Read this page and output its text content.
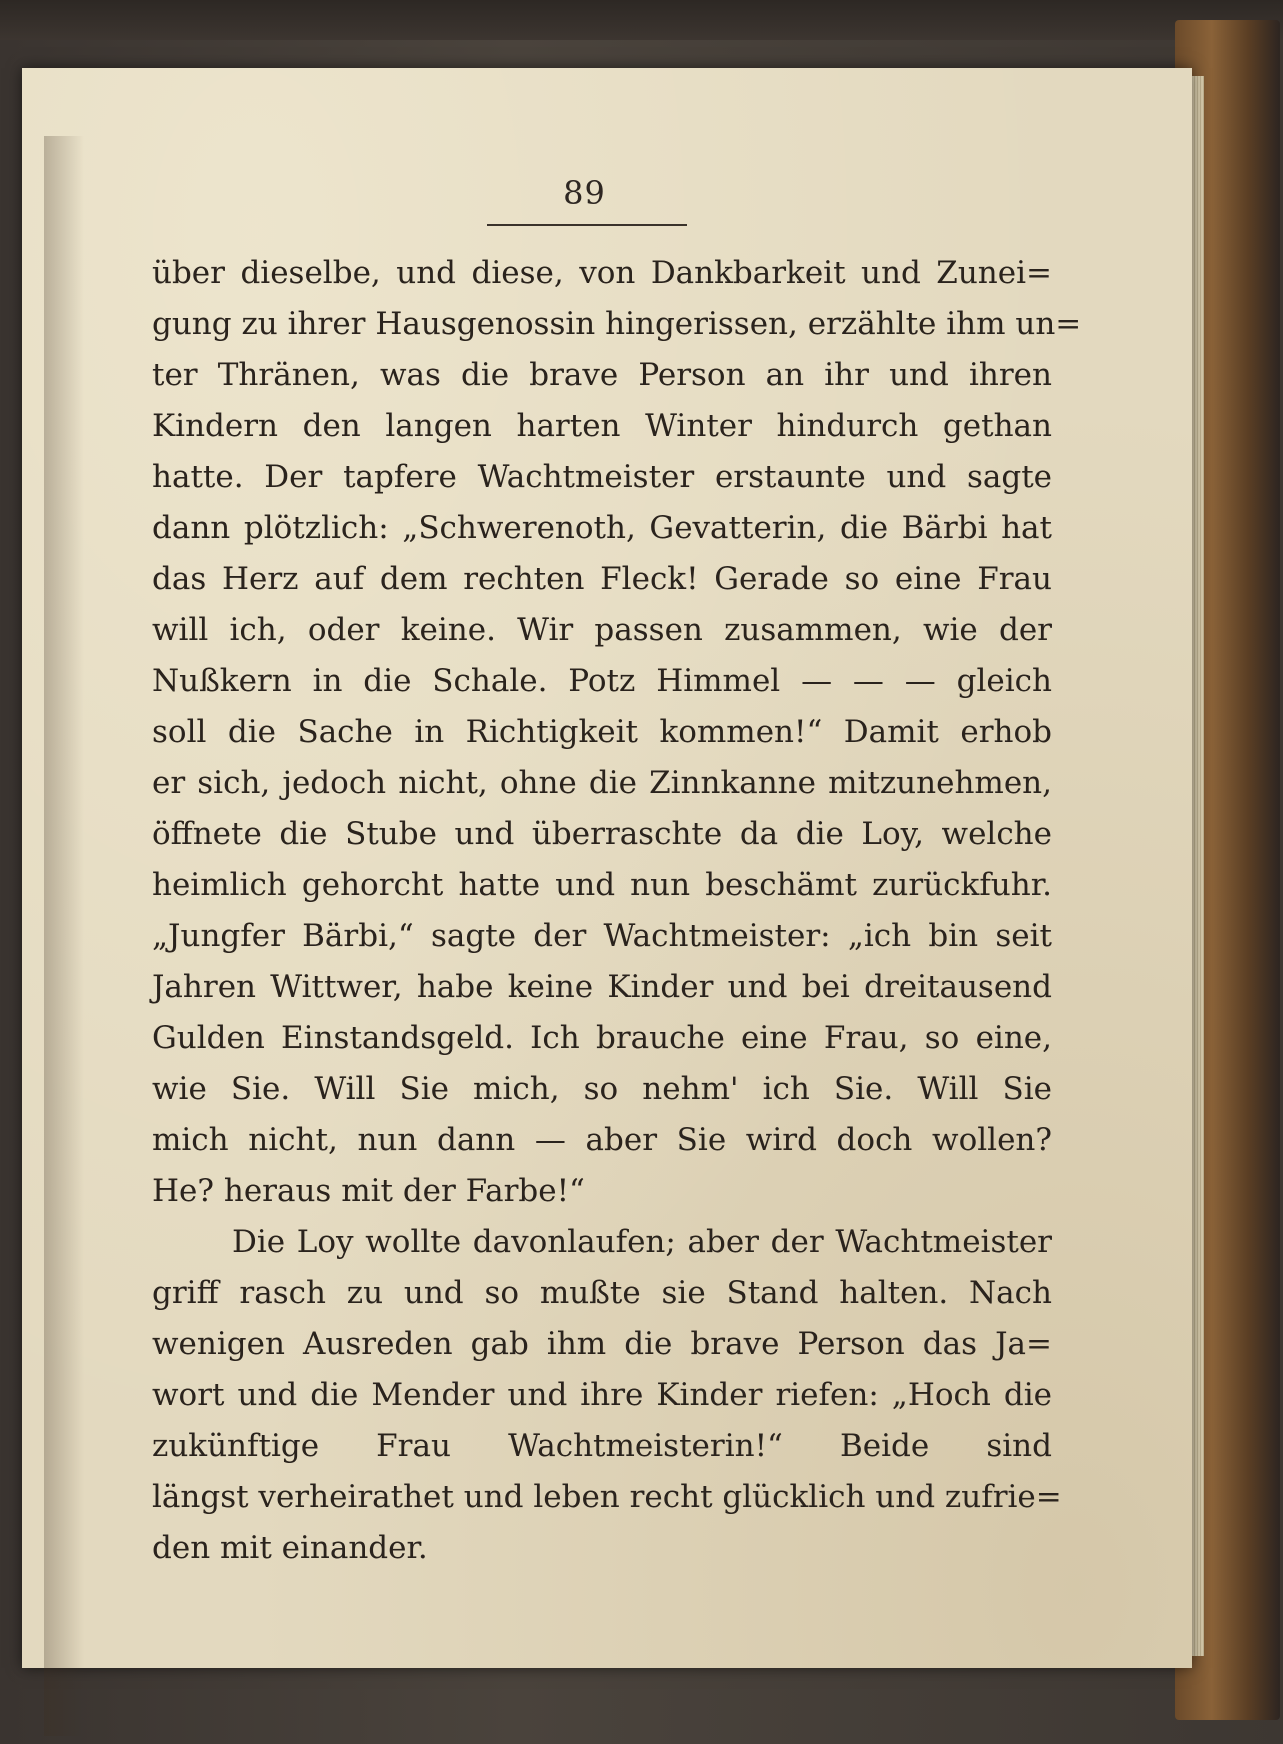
89
über dieselbe, und diese, von Dankbarkeit und Zunei=
gung zu ihrer Hausgenossin hingerissen, erzählte ihm un=
ter Thränen, was die brave Person an ihr und ihren
Kindern den langen harten Winter hindurch gethan
hatte. Der tapfere Wachtmeister erstaunte und sagte
dann plötzlich: „Schwerenoth, Gevatterin, die Bärbi hat
das Herz auf dem rechten Fleck! Gerade so eine Frau
will ich, oder keine. Wir passen zusammen, wie der
Nußkern in die Schale. Potz Himmel — — — gleich
soll die Sache in Richtigkeit kommen!“ Damit erhob
er sich, jedoch nicht, ohne die Zinnkanne mitzunehmen,
öffnete die Stube und überraschte da die Loy, welche
heimlich gehorcht hatte und nun beschämt zurückfuhr.
„Jungfer Bärbi,“ sagte der Wachtmeister: „ich bin seit
Jahren Wittwer, habe keine Kinder und bei dreitausend
Gulden Einstandsgeld. Ich brauche eine Frau, so eine,
wie Sie. Will Sie mich, so nehm' ich Sie. Will Sie
mich nicht, nun dann — aber Sie wird doch wollen?
He? heraus mit der Farbe!“
Die Loy wollte davonlaufen; aber der Wachtmeister
griff rasch zu und so mußte sie Stand halten. Nach
wenigen Ausreden gab ihm die brave Person das Ja=
wort und die Mender und ihre Kinder riefen: „Hoch die
zukünftige Frau Wachtmeisterin!“ Beide sind
längst verheirathet und leben recht glücklich und zufrie=
den mit einander.
